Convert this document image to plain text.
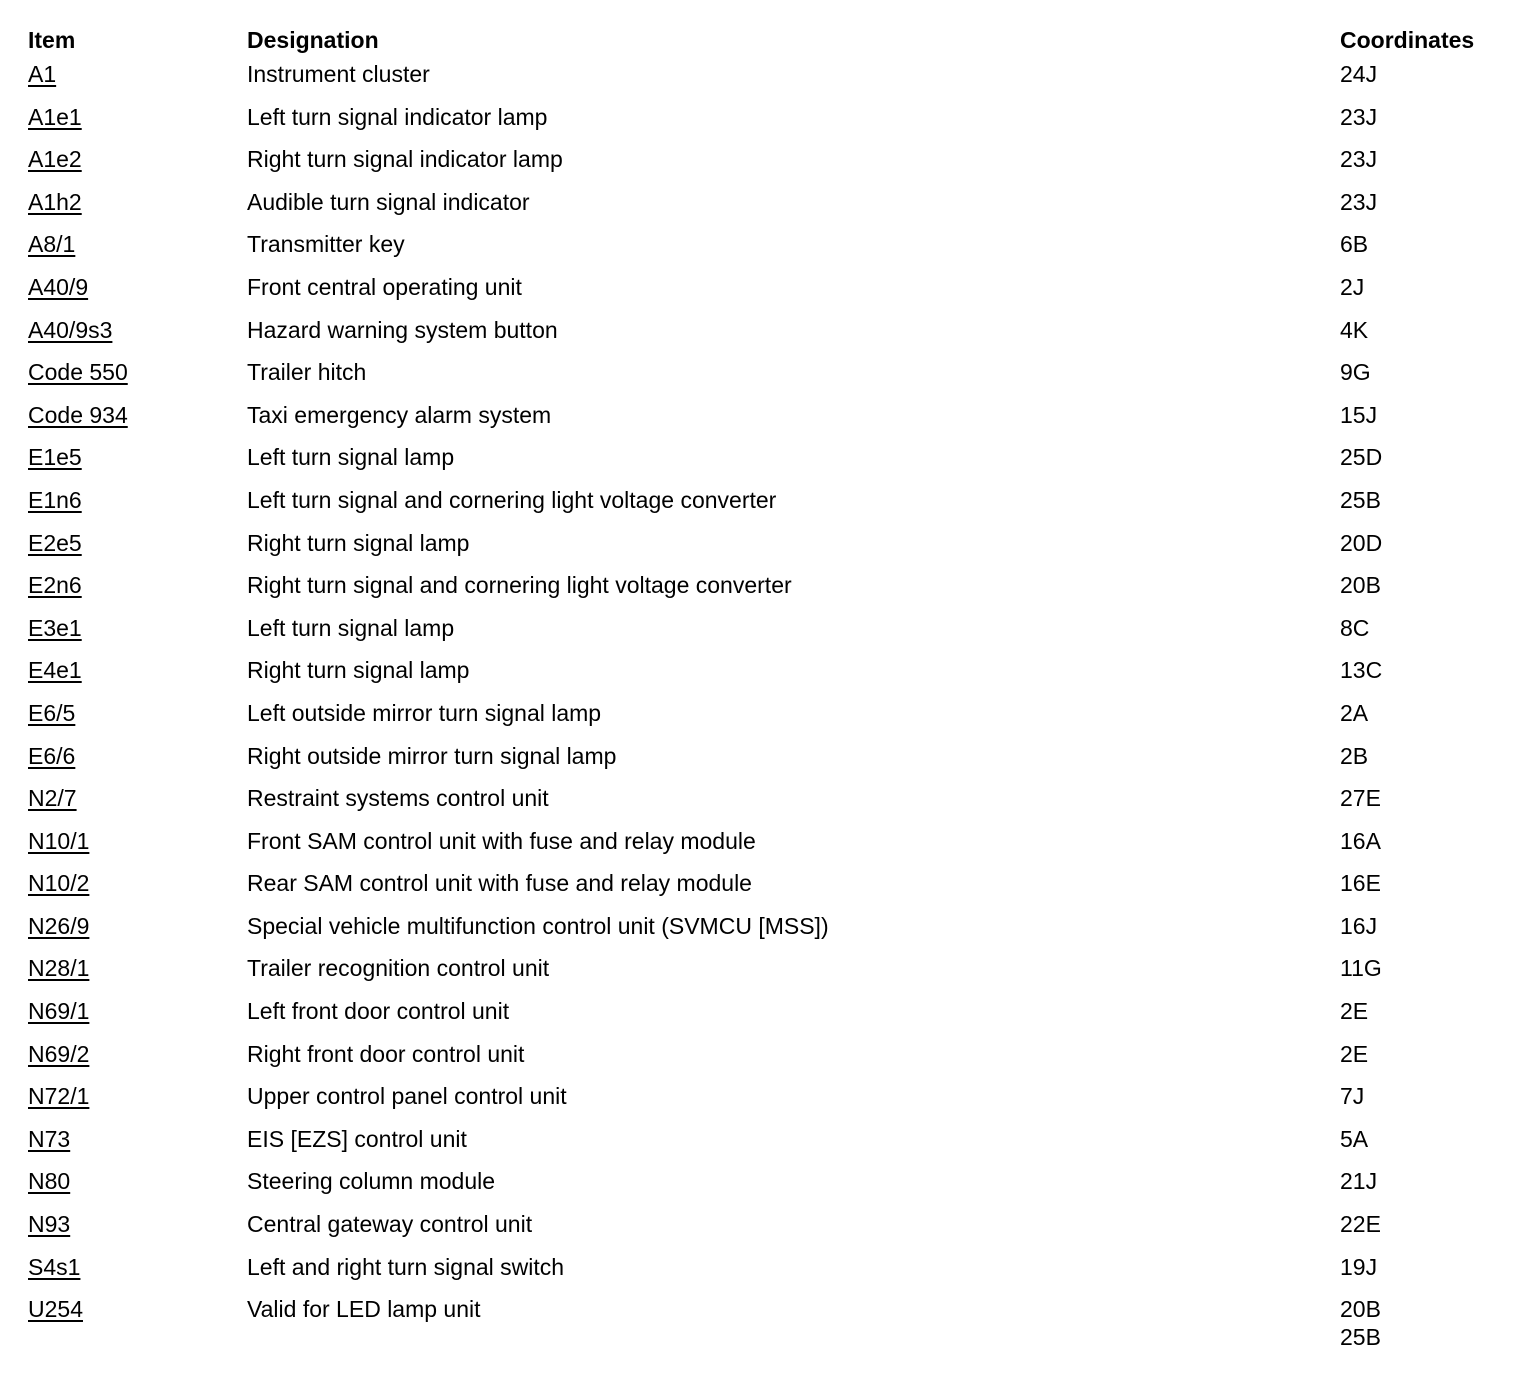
Item	Designation	Coordinates
A1	Instrument cluster	24J
A1e1	Left turn signal indicator lamp	23J
A1e2	Right turn signal indicator lamp	23J
A1h2	Audible turn signal indicator	23J
A8/1	Transmitter key	6B
A40/9	Front central operating unit	2J
A40/9s3	Hazard warning system button	4K
Code 550	Trailer hitch	9G
Code 934	Taxi emergency alarm system	15J
E1e5	Left turn signal lamp	25D
E1n6	Left turn signal and cornering light voltage converter	25B
E2e5	Right turn signal lamp	20D
E2n6	Right turn signal and cornering light voltage converter	20B
E3e1	Left turn signal lamp	8C
E4e1	Right turn signal lamp	13C
E6/5	Left outside mirror turn signal lamp	2A
E6/6	Right outside mirror turn signal lamp	2B
N2/7	Restraint systems control unit	27E
N10/1	Front SAM control unit with fuse and relay module	16A
N10/2	Rear SAM control unit with fuse and relay module	16E
N26/9	Special vehicle multifunction control unit (SVMCU [MSS])	16J
N28/1	Trailer recognition control unit	11G
N69/1	Left front door control unit	2E
N69/2	Right front door control unit	2E
N72/1	Upper control panel control unit	7J
N73	EIS [EZS] control unit	5A
N80	Steering column module	21J
N93	Central gateway control unit	22E
S4s1	Left and right turn signal switch	19J
U254	Valid for LED lamp unit	20B
25B
